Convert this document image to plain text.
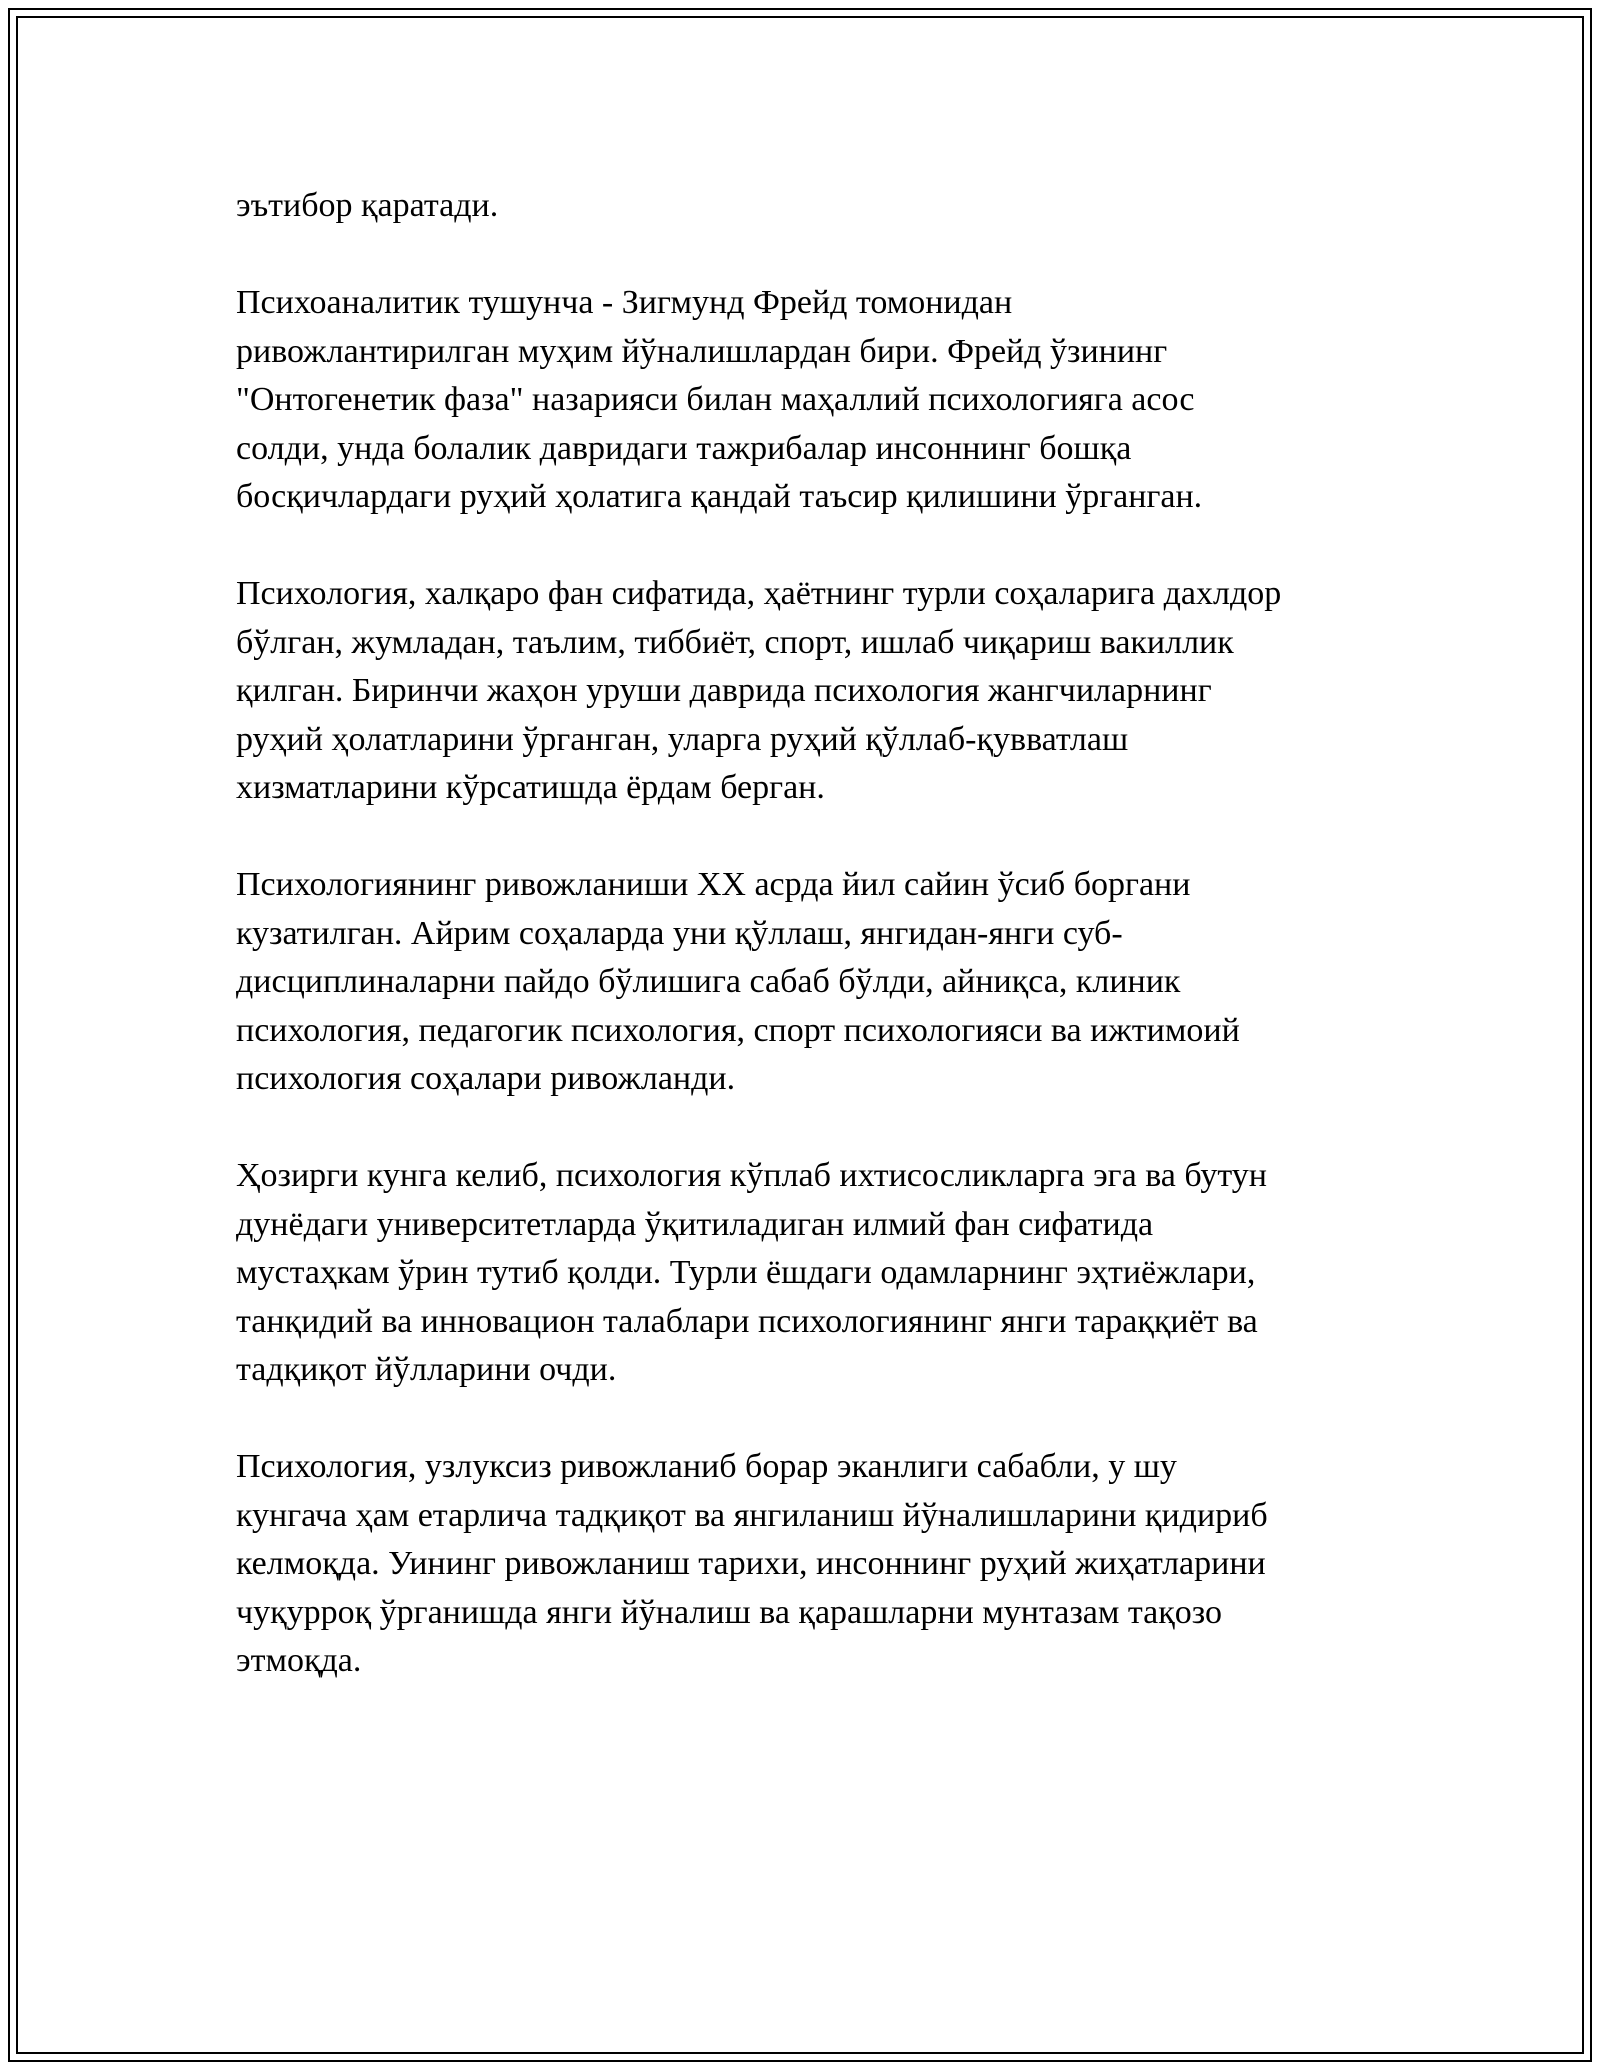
эътибор қаратади.

Психоаналитик тушунча - Зигмунд Фрейд томонидан
ривожлантирилган муҳим йўналишлардан бири. Фрейд ўзининг
"Онтогенетик фаза" назарияси билан маҳаллий психологияга асос
солди, унда болалик давридаги тажрибалар инсоннинг бошқа
босқичлардаги руҳий ҳолатига қандай таъсир қилишини ўрганган.

Психология, халқаро фан сифатида, ҳаётнинг турли соҳаларига дахлдор
бўлган, жумладан, таълим, тиббиёт, спорт, ишлаб чиқариш вакиллик
қилган. Биринчи жаҳон уруши даврида психология жангчиларнинг
руҳий ҳолатларини ўрганган, уларга руҳий қўллаб-қувватлаш
хизматларини кўрсатишда ёрдам берган.

Психологиянинг ривожланиши XX асрда йил сайин ўсиб боргани
кузатилган. Айрим соҳаларда уни қўллаш, янгидан-янги суб-
дисциплиналарни пайдо бўлишига сабаб бўлди, айниқса, клиник
психология, педагогик психология, спорт психологияси ва ижтимоий
психология соҳалари ривожланди.

Ҳозирги кунга келиб, психология кўплаб ихтисосликларга эга ва бутун
дунёдаги университетларда ўқитиладиган илмий фан сифатида
мустаҳкам ўрин тутиб қолди. Турли ёшдаги одамларнинг эҳтиёжлари,
танқидий ва инновацион талаблари психологиянинг янги тараққиёт ва
тадқиқот йўлларини очди.

Психология, узлуксиз ривожланиб борар эканлиги сабабли, у шу
кунгача ҳам етарлича тадқиқот ва янгиланиш йўналишларини қидириб
келмоқда. Уининг ривожланиш тарихи, инсоннинг руҳий жиҳатларини
чуқурроқ ўрганишда янги йўналиш ва қарашларни мунтазам тақозо
этмоқда.
